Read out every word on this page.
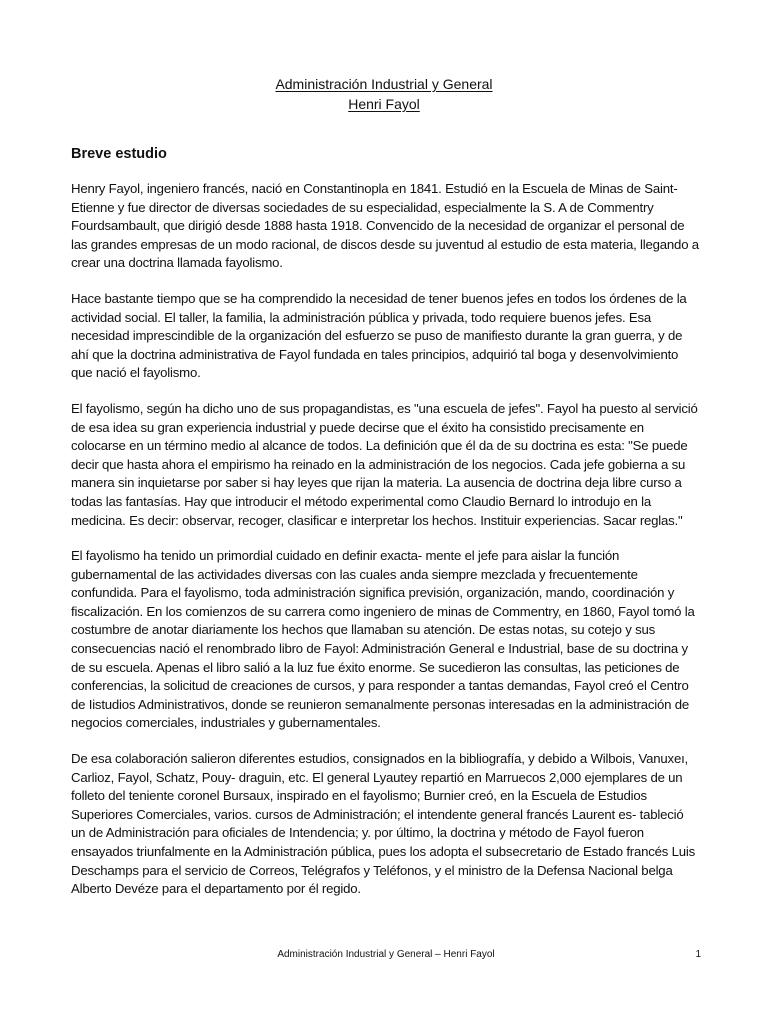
Administración Industrial y General
Henri Fayol
Breve estudio

Henry Fayol, ingeniero francés, nació en Constantinopla en 1841. Estudió en la Escuela de Minas de Saint-Etienne y fue director de diversas sociedades de su especialidad, especialmente la S. A de Commentry Fourdsambault, que dirigió desde 1888 hasta 1918. Convencido de la necesidad de organizar el personal de las grandes empresas de un modo racional, de discos desde su juventud al estudio de esta materia, llegando a crear una doctrina llamada fayolismo.

Hace bastante tiempo que se ha comprendido la necesidad de tener buenos jefes en todos los órdenes de la actividad social. El taller, la familia, la administración pública y privada, todo requiere buenos jefes. Esa necesidad imprescindible de la organización del esfuerzo se puso de manifiesto durante la gran guerra, y de ahí que la doctrina administrativa de Fayol fundada en tales principios, adquirió tal boga y desenvolvimiento que nació el fayolismo.

El fayolismo, según ha dicho uno de sus propagandistas, es "una escuela de jefes". Fayol ha puesto al servició de esa idea su gran experiencia industrial y puede decirse que el éxito ha consistido precisamente en colocarse en un término medio al alcance de todos. La definición que él da de su doctrina es esta: "Se puede decir que hasta ahora el empirismo ha reinado en la administración de los negocios. Cada jefe gobierna a su manera sin inquietarse por saber si hay leyes que rijan la materia. La ausencia de doctrina deja libre curso a todas las fantasías. Hay que introducir el método experimental como Claudio Bernard lo introdujo en la medicina. Es decir: observar, recoger, clasificar e interpretar los hechos. Instituir experiencias. Sacar reglas."

El fayolismo ha tenido un primordial cuidado en definir exacta- mente el jefe para aislar la función gubernamental de las actividades diversas con las cuales anda siempre mezclada y frecuentemente confundida. Para el fayolismo, toda administración significa previsión, organización, mando, coordinación y fiscalización. En los comienzos de su carrera como ingeniero de minas de Commentry, en 1860, Fayol tomó la costumbre de anotar diariamente los hechos que llamaban su atención. De estas notas, su cotejo y sus consecuencias nació el renombrado libro de Fayol: Administración General e Industrial, base de su doctrina y de su escuela. Apenas el libro salió a la luz fue éxito enorme. Se sucedieron las consultas, las peticiones de conferencias, la solicitud de creaciones de cursos, y para responder a tantas demandas, Fayol creó el Centro de Iistudios Administrativos, donde se reunieron semanalmente personas interesadas en la administración de negocios comerciales, industriales y gubernamentales.

De esa colaboración salieron diferentes estudios, consignados en la bibliografía, y debido a Wilbois, Vanuxeı, Carlioz, Fayol, Schatz, Pouy- draguin, etc. El general Lyautey repartió en Marruecos 2,000 ejemplares de un folleto del teniente coronel Bursaux, inspirado en el fayolismo; Burnier creó, en la Escuela de Estudios Superiores Comerciales, varios. cursos de Administración; el intendente general francés Laurent es- tableció un de Administración para oficiales de Intendencia; y. por último, la doctrina y método de Fayol fueron ensayados triunfalmente en la Administración pública, pues los adopta el subsecretario de Estado francés Luis Deschamps para el servicio de Correos, Telégrafos y Teléfonos, y el ministro de la Defensa Nacional belga Alberto Devéze para el departamento por él regido.

Administración Industrial y General – Henri Fayol	1
